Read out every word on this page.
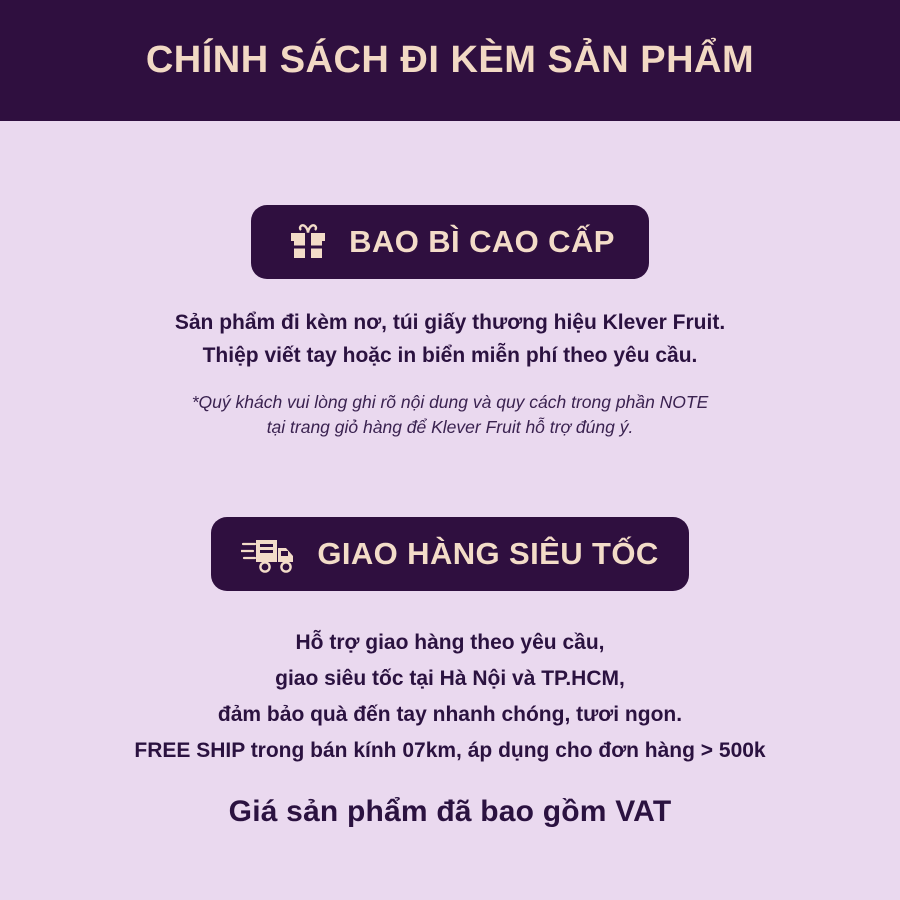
CHÍNH SÁCH ĐI KÈM SẢN PHẨM
BAO BÌ CAO CẤP
Sản phẩm đi kèm nơ, túi giấy thương hiệu Klever Fruit.
Thiệp viết tay hoặc in biển miễn phí theo yêu cầu.
*Quý khách vui lòng ghi rõ nội dung và quy cách trong phần NOTE
tại trang giỏ hàng để Klever Fruit hỗ trợ đúng ý.
GIAO HÀNG SIÊU TỐC
Hỗ trợ giao hàng theo yêu cầu,
giao siêu tốc tại Hà Nội và TP.HCM,
đảm bảo quà đến tay nhanh chóng, tươi ngon.
FREE SHIP trong bán kính 07km, áp dụng cho đơn hàng > 500k
Giá sản phẩm đã bao gồm VAT
